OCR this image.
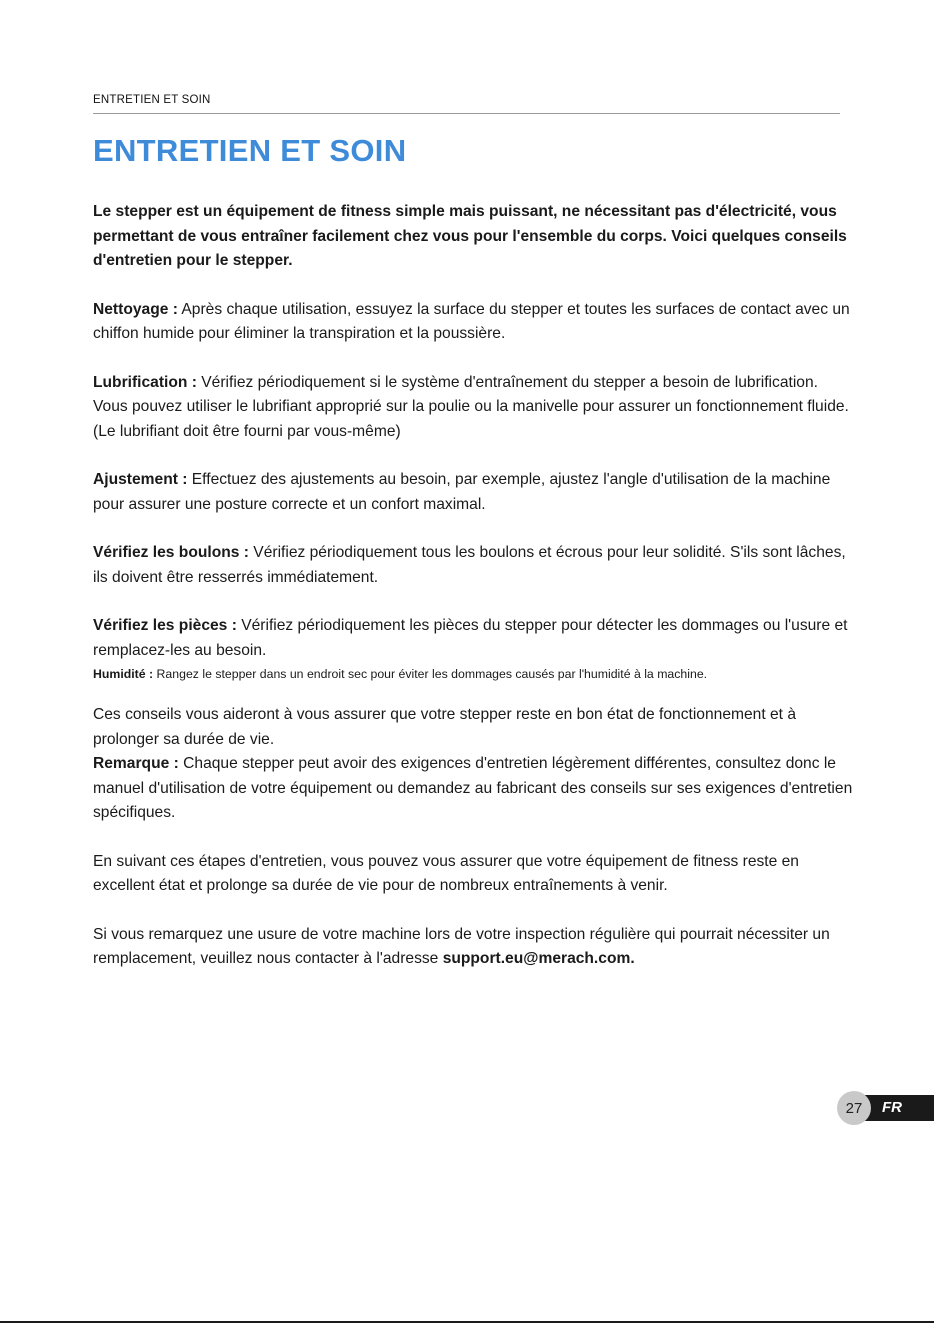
ENTRETIEN ET SOIN
ENTRETIEN ET SOIN

Le stepper est un équipement de fitness simple mais puissant, ne nécessitant pas d'électricité, vous permettant de vous entraîner facilement chez vous pour l'ensemble du corps. Voici quelques conseils d'entretien pour le stepper.

Nettoyage : Après chaque utilisation, essuyez la surface du stepper et toutes les surfaces de contact avec un chiffon humide pour éliminer la transpiration et la poussière.

Lubrification : Vérifiez périodiquement si le système d'entraînement du stepper a besoin de lubrification. Vous pouvez utiliser le lubrifiant approprié sur la poulie ou la manivelle pour assurer un fonctionnement fluide. (Le lubrifiant doit être fourni par vous-même)

Ajustement : Effectuez des ajustements au besoin, par exemple, ajustez l'angle d'utilisation de la machine pour assurer une posture correcte et un confort maximal.

Vérifiez les boulons : Vérifiez périodiquement tous les boulons et écrous pour leur solidité. S'ils sont lâches, ils doivent être resserrés immédiatement.

Vérifiez les pièces : Vérifiez périodiquement les pièces du stepper pour détecter les dommages ou l'usure et remplacez-les au besoin.

Humidité : Rangez le stepper dans un endroit sec pour éviter les dommages causés par l'humidité à la machine.

Ces conseils vous aideront à vous assurer que votre stepper reste en bon état de fonctionnement et à prolonger sa durée de vie.

Remarque : Chaque stepper peut avoir des exigences d'entretien légèrement différentes, consultez donc le manuel d'utilisation de votre équipement ou demandez au fabricant des conseils sur ses exigences d'entretien spécifiques.

En suivant ces étapes d'entretien, vous pouvez vous assurer que votre équipement de fitness reste en excellent état et prolonge sa durée de vie pour de nombreux entraînements à venir.

Si vous remarquez une usure de votre machine lors de votre inspection régulière qui pourrait nécessiter un remplacement, veuillez nous contacter à l'adresse support.eu@merach.com.

27	FR
